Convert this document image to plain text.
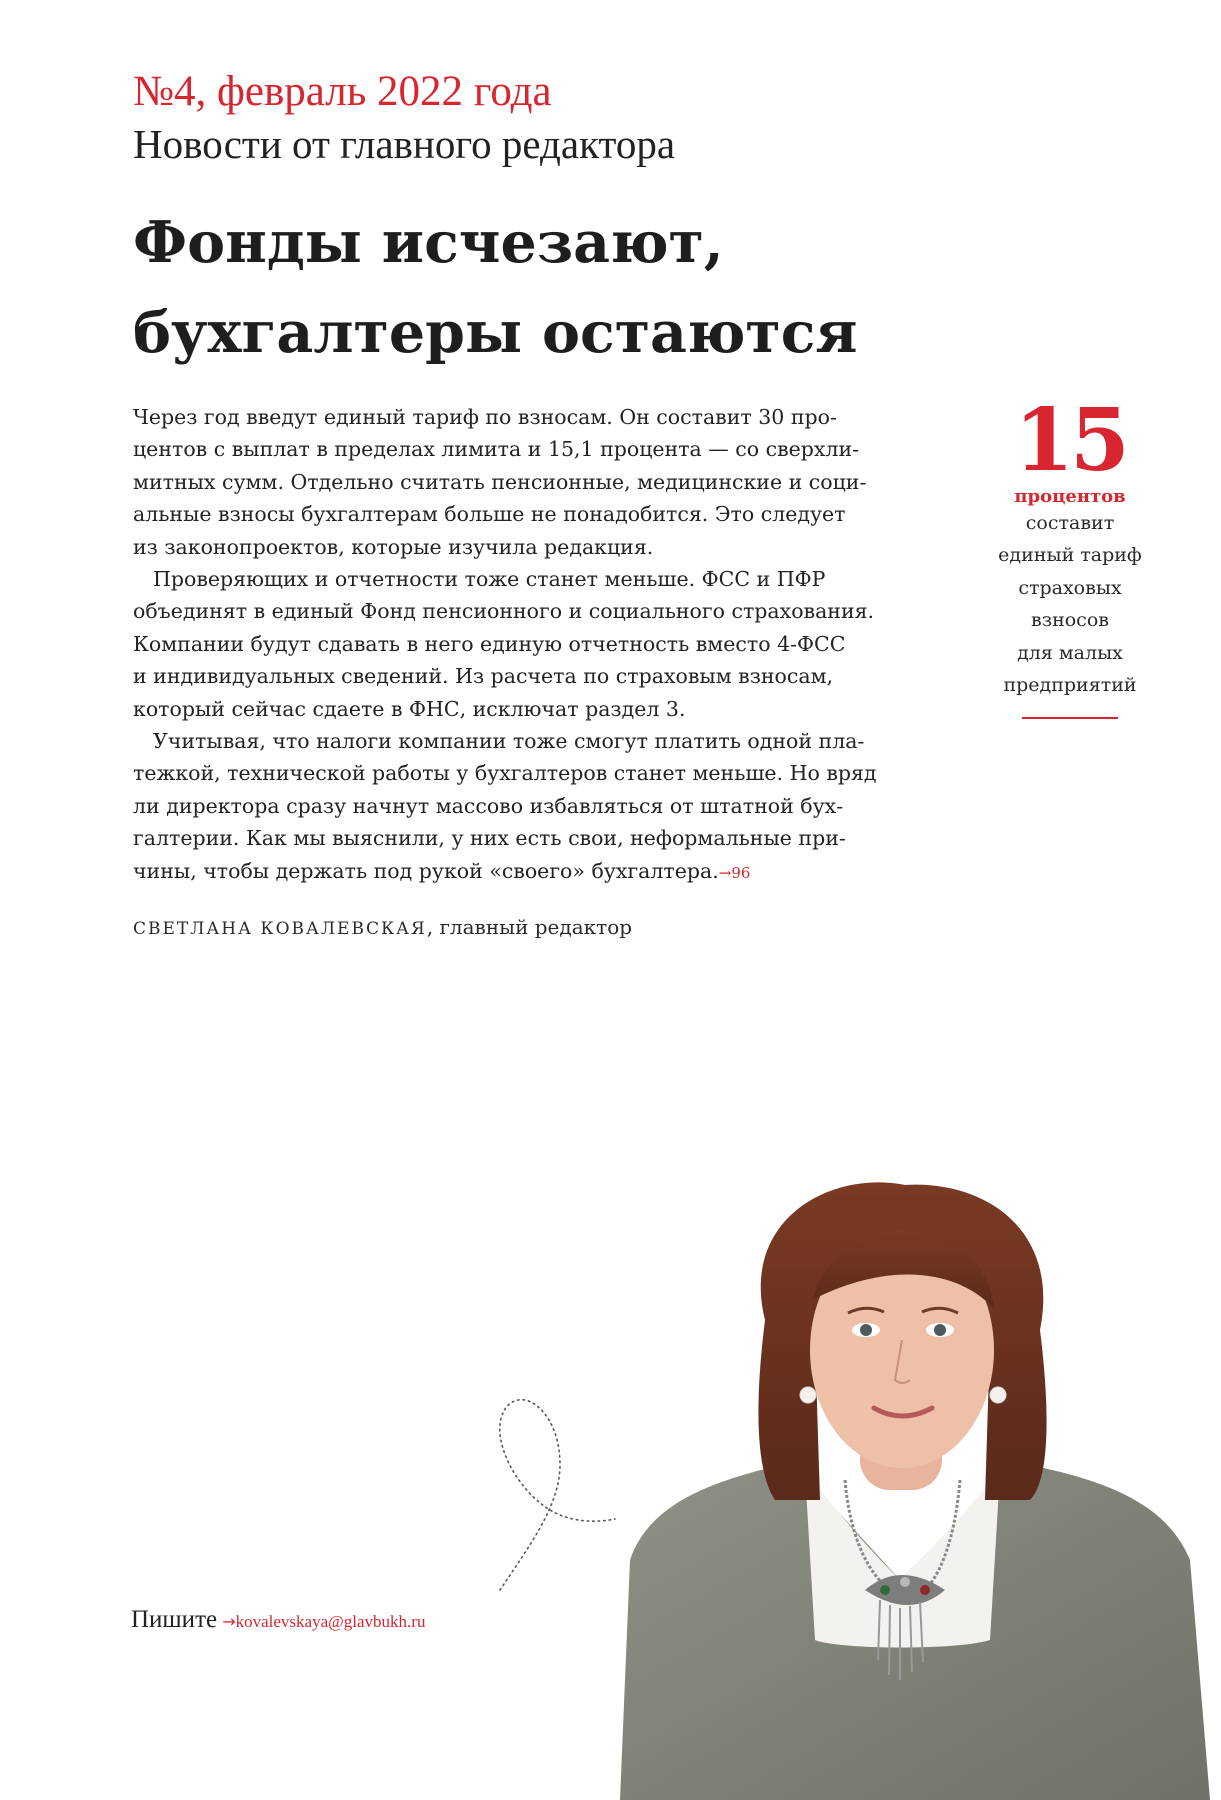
№4, февраль 2022 года
Новости от главного редактора
Фонды исчезают,
бухгалтеры остаются
Через год введут единый тариф по взносам. Он составит 30 про-
центов с выплат в пределах лимита и 15,1 процента — со сверхли-
митных сумм. Отдельно считать пенсионные, медицинские и соци-
альные взносы бухгалтерам больше не понадобится. Это следует
из законопроектов, которые изучила редакция.
Проверяющих и отчетности тоже станет меньше. ФСС и ПФР
объединят в единый Фонд пенсионного и социального страхования.
Компании будут сдавать в него единую отчетность вместо 4-ФСС
и индивидуальных сведений. Из расчета по страховым взносам,
который сейчас сдаете в ФНС, исключат раздел 3.
Учитывая, что налоги компании тоже смогут платить одной пла-
тежкой, технической работы у бухгалтеров станет меньше. Но вряд
ли директора сразу начнут массово избавляться от штатной бух-
галтерии. Как мы выяснили, у них есть свои, неформальные при-
чины, чтобы держать под рукой «своего» бухгалтера.→96
СВЕТЛАНА КОВАЛЕВСКАЯ, главный редактор
15
процентов
составит
единый тариф
страховых
взносов
для малых
предприятий
Пишите →kovalevskaya@glavbukh.ru
